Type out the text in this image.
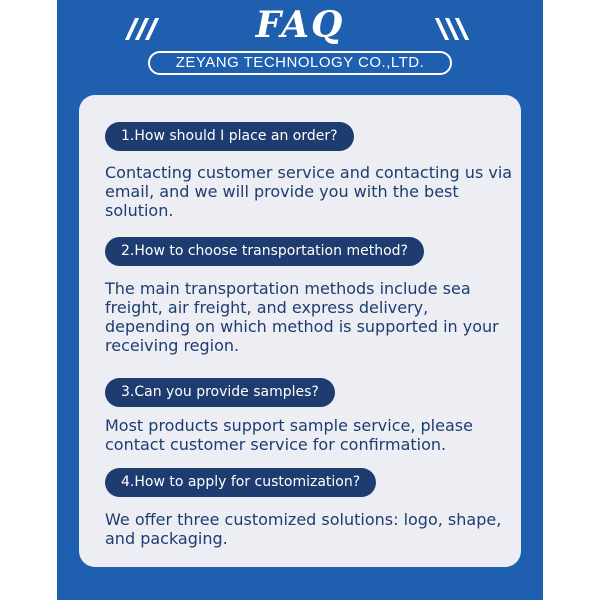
FAQ
ZEYANG TECHNOLOGY CO.,LTD.
1.How should I place an order?
Contacting customer service and contacting us via email, and we will provide you with the best solution.
2.How to choose transportation method?
The main transportation methods include sea freight, air freight, and express delivery, depending on which method is supported in your receiving region.
3.Can you provide samples?
Most products support sample service, please contact customer service for confirmation.
4.How to apply for customization?
We offer three customized solutions: logo, shape, and packaging.
